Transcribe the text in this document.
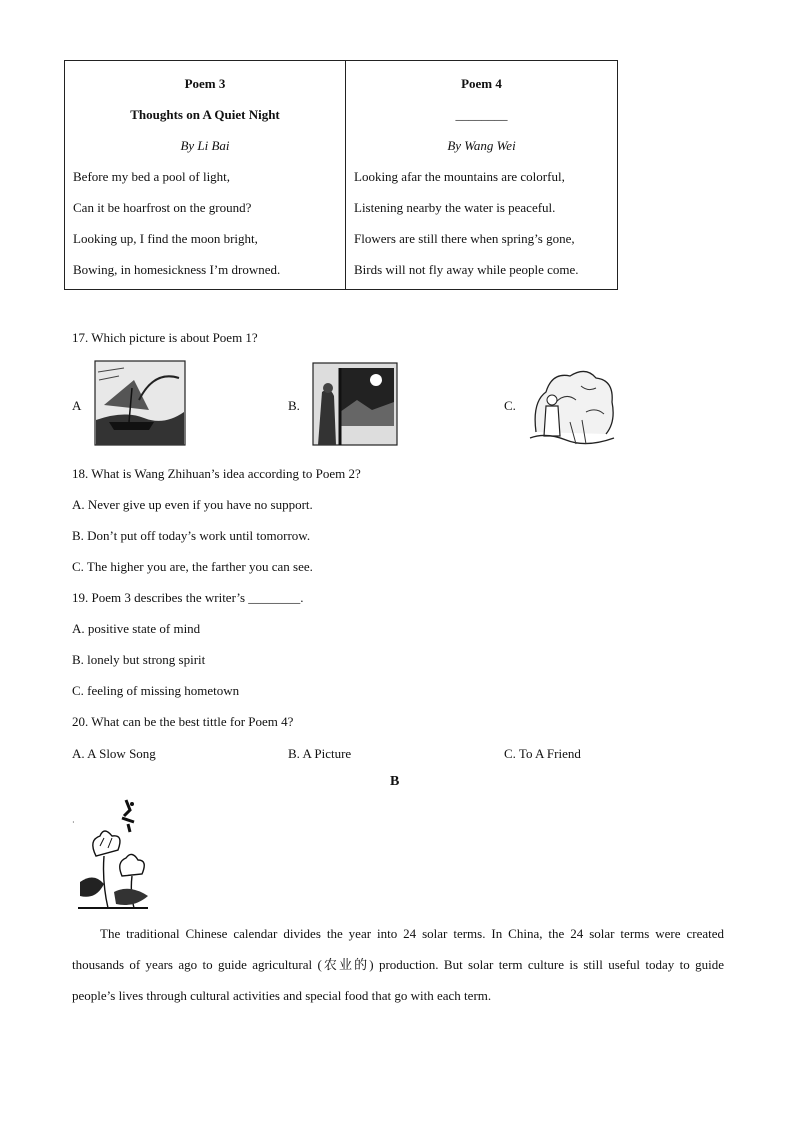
Poem 3
Thoughts on A Quiet Night
By Li Bai
Before my bed a pool of light,
Can it be hoarfrost on the ground?
Looking up, I find the moon bright,
Bowing, in homesickness I’m drowned.
Poem 4
________
By Wang Wei
Looking afar the mountains are colorful,
Listening nearby the water is peaceful.
Flowers are still there when spring’s gone,
Birds will not fly away while people come.
17. Which picture is about Poem 1?
A	B.	C.
18. What is Wang Zhihuan’s idea according to Poem 2?
A. Never give up even if you have no support.
B. Don’t put off today’s work until tomorrow.
C. The higher you are, the farther you can see.
19. Poem 3 describes the writer’s ________.
A. positive state of mind
B. lonely but strong spirit
C. feeling of missing hometown
20. What can be the best tittle for Poem 4?
A. A Slow Song	B. A Picture	C. To A Friend
B
·
The traditional Chinese calendar divides the year into 24 solar terms. In China, the 24 solar terms were created thousands of years ago to guide agricultural (农业的) production. But solar term culture is still useful today to guide people’s lives through cultural activities and special food that go with each term.
